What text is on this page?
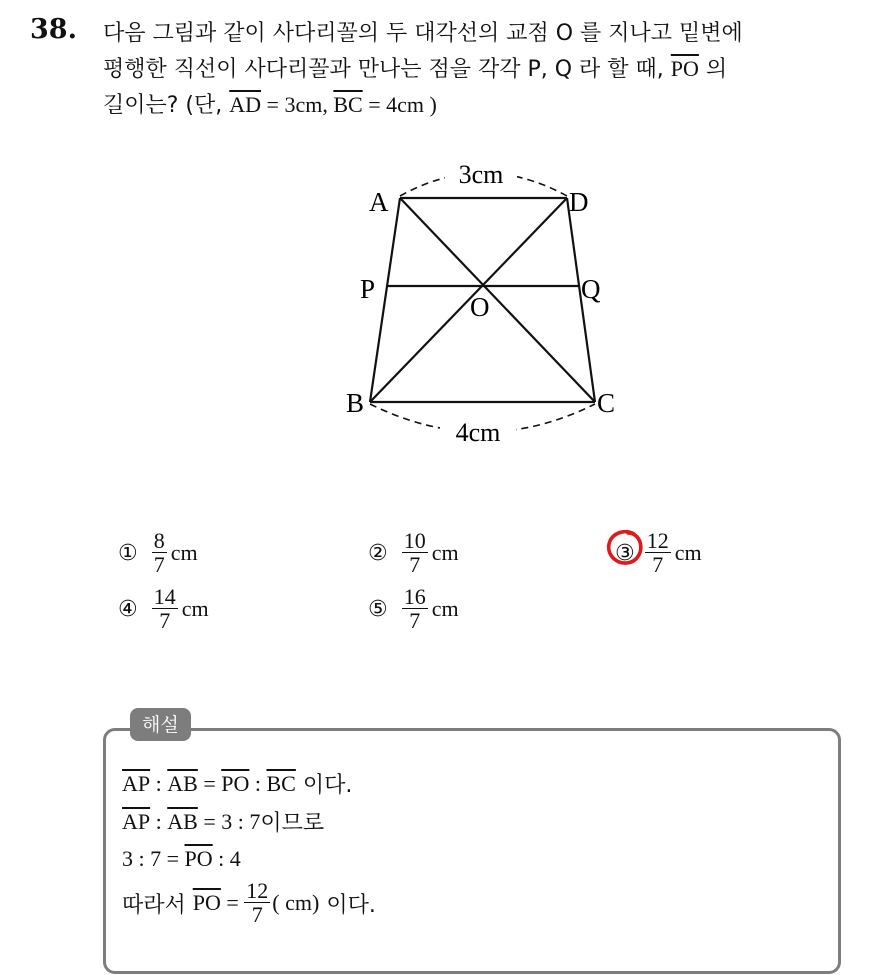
38. 다음 그림과 같이 사다리꼴의 두 대각선의 교점 O 를 지나고 밑변에
평행한 직선이 사다리꼴과 만나는 점을 각각 P, Q 라 할 때, $\overline{PO}$ 의
길이는? (단, $\overline{AD} = 3cm$, $\overline{BC} = 4cm$ )
3cm
4cm
A	D
P	Q
O
B	C
① $\frac{8}{7}$ cm	② $\frac{10}{7}$ cm	③ $\frac{12}{7}$ cm
④ $\frac{14}{7}$ cm	⑤ $\frac{16}{7}$ cm
해설
$\overline{AP}$ : $\overline{AB} = \overline{PO}$ : $\overline{BC}$ 이다.
$\overline{AP}$ : $\overline{AB} = 3$ : 7 이므로
3 : $7 = \overline{PO}$ : 4
따라서 $\overline{PO} = \frac{12}{7}$ ( cm) 이다.
